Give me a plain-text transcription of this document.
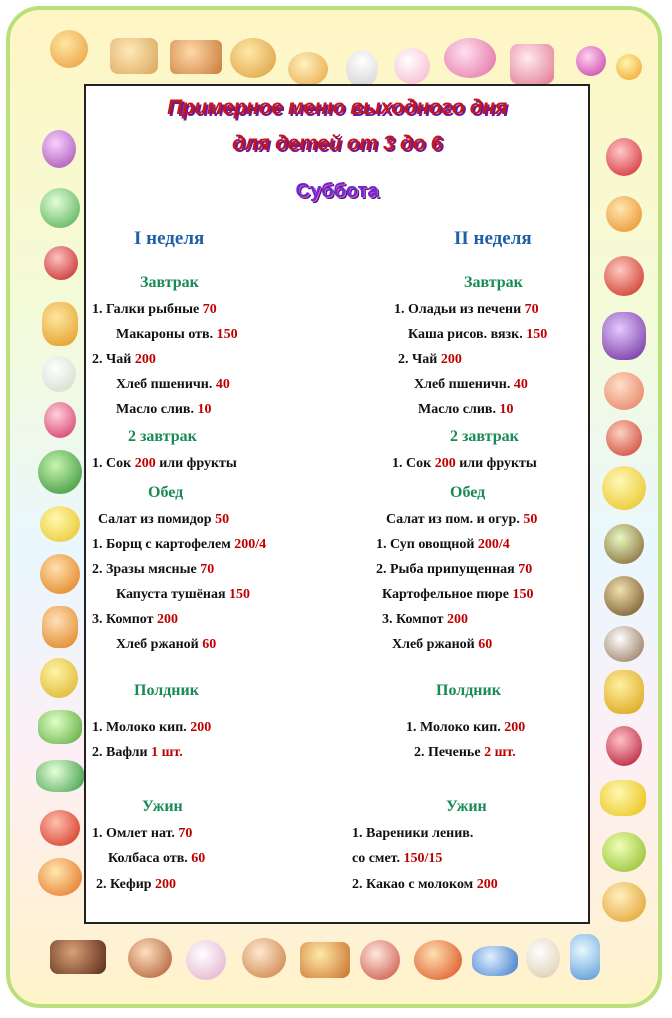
Примерное меню выходного дня
для детей от 3 до 6
Суббота
I неделя
Завтрак
1. Галки рыбные 70
Макароны отв. 150
2. Чай 200
Хлеб пшеничн. 40
Масло слив. 10
2 завтрак
1. Сок 200 или фрукты
Обед
Салат из помидор 50
1. Борщ с картофелем 200/4
2. Зразы мясные 70
Капуста тушёная 150
3. Компот 200
Хлеб ржаной 60
Полдник
1. Молоко кип. 200
2. Вафли 1 шт.
Ужин
1. Омлет нат. 70
Колбаса отв. 60
2. Кефир 200
II неделя
Завтрак
1. Оладьи из печени 70
Каша рисов. вязк. 150
2. Чай 200
Хлеб пшеничн. 40
Масло слив. 10
2 завтрак
1. Сок 200 или фрукты
Обед
Салат из пом. и огур. 50
1. Суп овощной 200/4
2. Рыба припущенная 70
Картофельное пюре 150
3. Компот 200
Хлеб ржаной 60
Полдник
1. Молоко кип. 200
2. Печенье 2 шт.
Ужин
1. Вареники ленив.
со смет. 150/15
2. Какао с молоком 200
